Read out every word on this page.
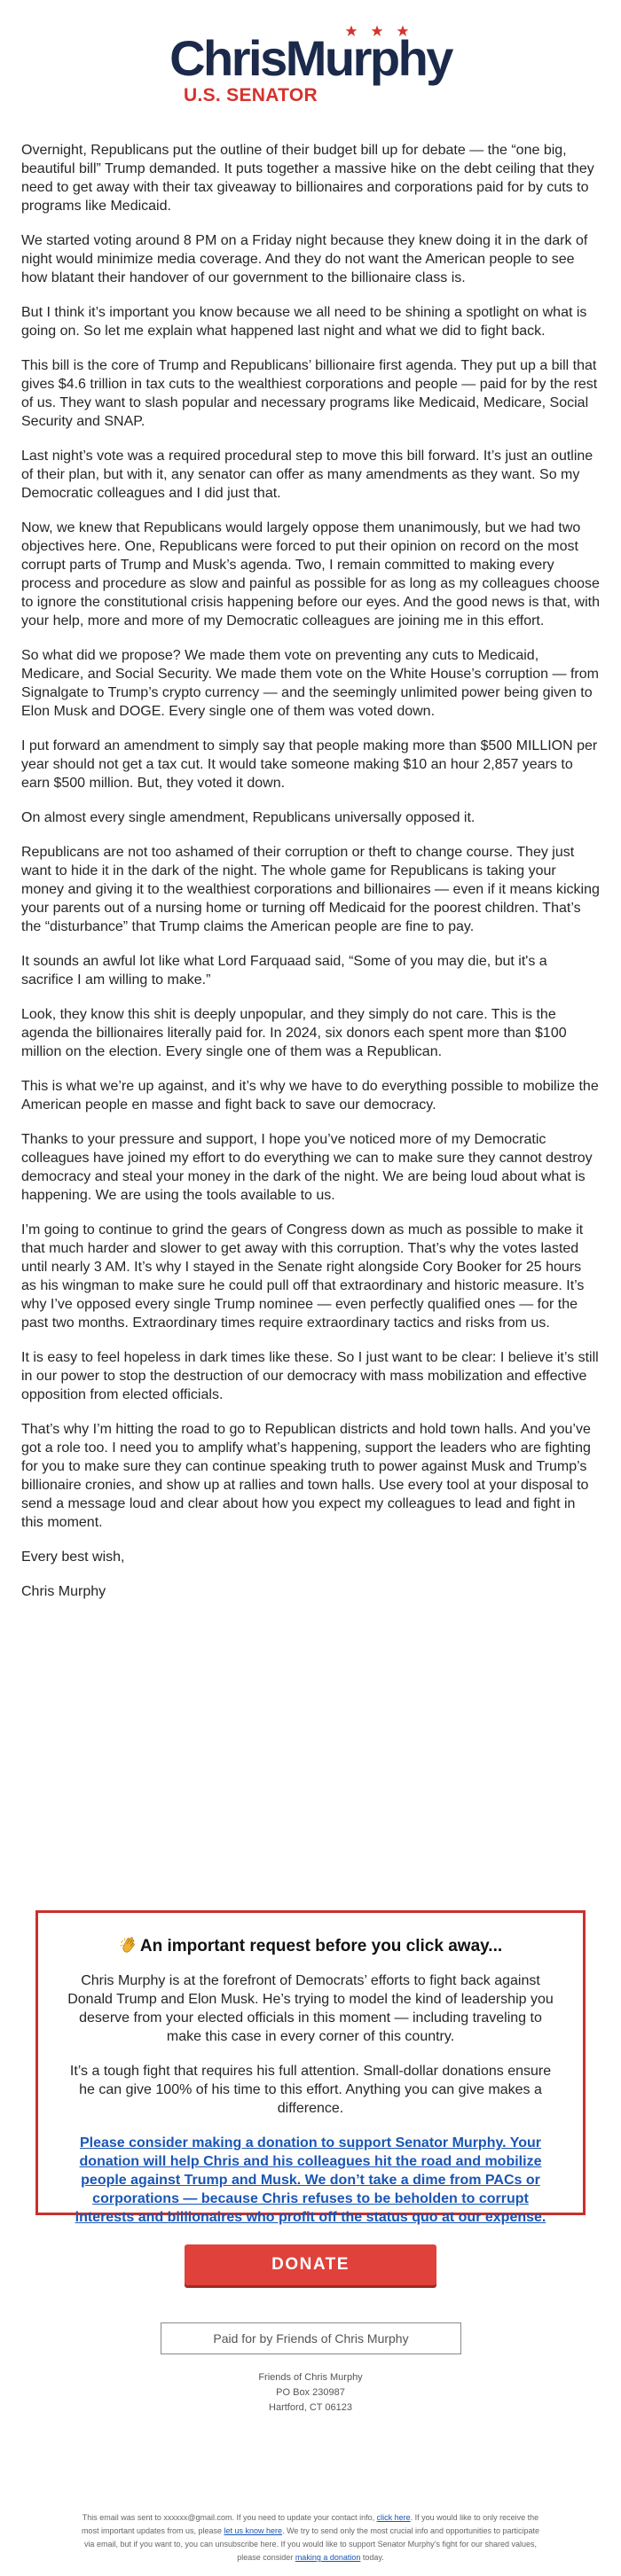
ChrisMurphy
U.S. SENATOR

Overnight, Republicans put the outline of their budget bill up for debate — the “one big, beautiful bill” Trump demanded. It puts together a massive hike on the debt ceiling that they need to get away with their tax giveaway to billionaires and corporations paid for by cuts to programs like Medicaid.

We started voting around 8 PM on a Friday night because they knew doing it in the dark of night would minimize media coverage. And they do not want the American people to see how blatant their handover of our government to the billionaire class is.

But I think it’s important you know because we all need to be shining a spotlight on what is going on. So let me explain what happened last night and what we did to fight back.

This bill is the core of Trump and Republicans’ billionaire first agenda. They put up a bill that gives $4.6 trillion in tax cuts to the wealthiest corporations and people — paid for by the rest of us. They want to slash popular and necessary programs like Medicaid, Medicare, Social Security and SNAP.

Last night’s vote was a required procedural step to move this bill forward. It’s just an outline of their plan, but with it, any senator can offer as many amendments as they want. So my Democratic colleagues and I did just that.

Now, we knew that Republicans would largely oppose them unanimously, but we had two objectives here. One, Republicans were forced to put their opinion on record on the most corrupt parts of Trump and Musk’s agenda. Two, I remain committed to making every process and procedure as slow and painful as possible for as long as my colleagues choose to ignore the constitutional crisis happening before our eyes. And the good news is that, with your help, more and more of my Democratic colleagues are joining me in this effort.

So what did we propose? We made them vote on preventing any cuts to Medicaid, Medicare, and Social Security. We made them vote on the White House’s corruption — from Signalgate to Trump’s crypto currency — and the seemingly unlimited power being given to Elon Musk and DOGE. Every single one of them was voted down.

I put forward an amendment to simply say that people making more than $500 MILLION per year should not get a tax cut. It would take someone making $10 an hour 2,857 years to earn $500 million. But, they voted it down.

On almost every single amendment, Republicans universally opposed it.

Republicans are not too ashamed of their corruption or theft to change course. They just want to hide it in the dark of the night. The whole game for Republicans is taking your money and giving it to the wealthiest corporations and billionaires — even if it means kicking your parents out of a nursing home or turning off Medicaid for the poorest children. That’s the “disturbance” that Trump claims the American people are fine to pay.

It sounds an awful lot like what Lord Farquaad said, “Some of you may die, but it's a sacrifice I am willing to make.”

Look, they know this shit is deeply unpopular, and they simply do not care. This is the agenda the billionaires literally paid for. In 2024, six donors each spent more than $100 million on the election. Every single one of them was a Republican.

This is what we’re up against, and it’s why we have to do everything possible to mobilize the American people en masse and fight back to save our democracy.

Thanks to your pressure and support, I hope you’ve noticed more of my Democratic colleagues have joined my effort to do everything we can to make sure they cannot destroy democracy and steal your money in the dark of the night. We are being loud about what is happening. We are using the tools available to us.

I’m going to continue to grind the gears of Congress down as much as possible to make it that much harder and slower to get away with this corruption. That’s why the votes lasted until nearly 3 AM. It’s why I stayed in the Senate right alongside Cory Booker for 25 hours as his wingman to make sure he could pull off that extraordinary and historic measure. It’s why I’ve opposed every single Trump nominee — even perfectly qualified ones — for the past two months. Extraordinary times require extraordinary tactics and risks from us.

It is easy to feel hopeless in dark times like these. So I just want to be clear: I believe it’s still in our power to stop the destruction of our democracy with mass mobilization and effective opposition from elected officials.

That’s why I’m hitting the road to go to Republican districts and hold town halls. And you’ve got a role too. I need you to amplify what’s happening, support the leaders who are fighting for you to make sure they can continue speaking truth to power against Musk and Trump’s billionaire cronies, and show up at rallies and town halls. Use every tool at your disposal to send a message loud and clear about how you expect my colleagues to lead and fight in this moment.

Every best wish,

Chris Murphy

An important request before you click away...

Chris Murphy is at the forefront of Democrats’ efforts to fight back against Donald Trump and Elon Musk. He’s trying to model the kind of leadership you deserve from your elected officials in this moment — including traveling to make this case in every corner of this country.

It’s a tough fight that requires his full attention. Small-dollar donations ensure he can give 100% of his time to this effort. Anything you can give makes a difference.

Please consider making a donation to support Senator Murphy. Your donation will help Chris and his colleagues hit the road and mobilize people against Trump and Musk. We don’t take a dime from PACs or corporations — because Chris refuses to be beholden to corrupt interests and billionaires who profit off the status quo at our expense.
DONATE
Paid for by Friends of Chris Murphy
Friends of Chris Murphy
PO Box 230987
Hartford, CT 06123
This email was sent to xxxxxx@gmail.com. If you need to update your contact info, click here. If you would like to only receive the most important updates from us, please let us know here. We try to send only the most crucial info and opportunities to participate via email, but if you want to, you can unsubscribe here. If you would like to support Senator Murphy’s fight for our shared values, please consider making a donation today.
